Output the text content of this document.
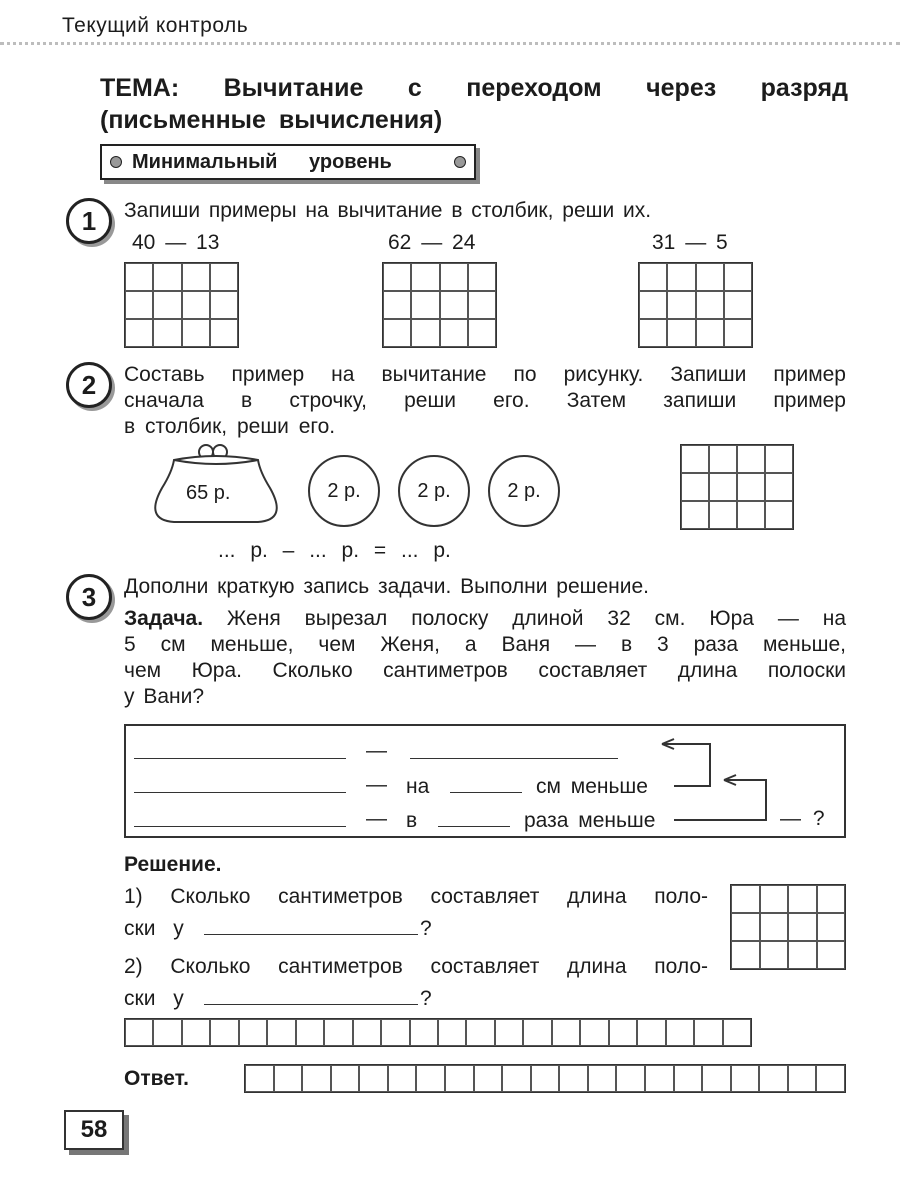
Текущий контроль
ТЕМА: Вычитание с переходом через разряд
(письменные вычисления)
Минимальный уровень
1	Запиши примеры на вычитание в столбик, реши их.
40 — 13	62 — 24	31 — 5
2	Составь пример на вычитание по рисунку. Запиши пример
сначала в строчку, реши его. Затем запиши пример
в столбик, реши его.
65 р.	2 р.	2 р.	2 р.
... р. – ... р. = ... р.
3	Дополни краткую запись задачи. Выполни решение.
Задача. Женя вырезал полоску длиной 32 см. Юра — на
5 см меньше, чем Женя, а Ваня — в 3 раза меньше,
чем Юра. Сколько сантиметров составляет длина полоски
у Вани?
—
— на	см меньше
— в	раза меньше	— ?
Решение.
1) Сколько сантиметров составляет длина поло-
ски у	?
2) Сколько сантиметров составляет длина поло-
ски у	?
Ответ.
58
